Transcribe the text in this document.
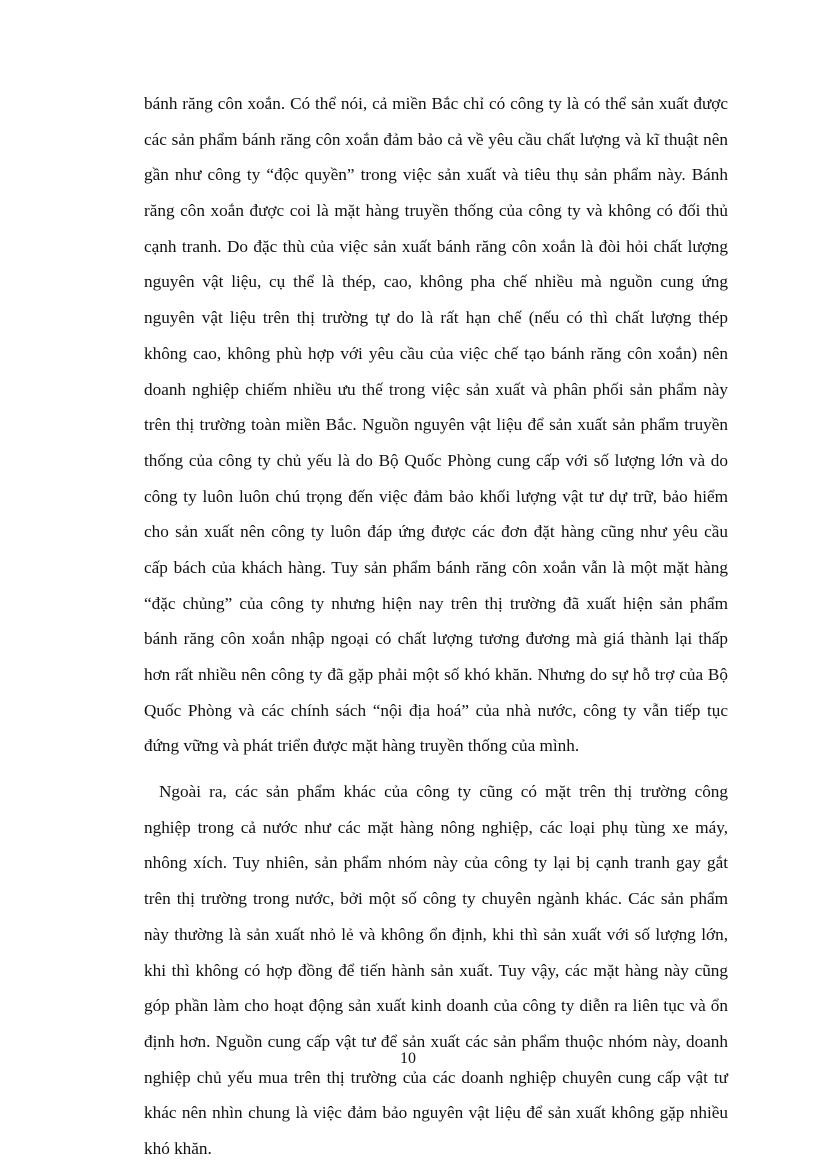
bánh răng côn xoắn. Có thể nói, cả miền Bắc chỉ có công ty là có thể sản xuất được
các sản phẩm bánh răng côn xoắn đảm bảo cả về yêu cầu chất lượng và kĩ thuật nên
gần như công ty “độc quyền” trong việc sản xuất và tiêu thụ sản phẩm này. Bánh
răng côn xoắn được coi là mặt hàng truyền thống của công ty và không có đối thủ
cạnh tranh. Do đặc thù của việc sản xuất bánh răng côn xoắn là đòi hỏi chất lượng
nguyên vật liệu, cụ thể là thép, cao, không pha chế nhiều mà nguồn cung ứng
nguyên vật liệu trên thị trường tự do là rất hạn chế (nếu có thì chất lượng thép
không cao, không phù hợp với yêu cầu của việc chế tạo bánh răng côn xoắn) nên
doanh nghiệp chiếm nhiều ưu thế trong việc sản xuất và phân phối sản phẩm này
trên thị trường toàn miền Bắc. Nguồn nguyên vật liệu để sản xuất sản phẩm truyền
thống của công ty chủ yếu là do Bộ Quốc Phòng cung cấp với số lượng lớn và do
công ty luôn luôn chú trọng đến việc đảm bảo khối lượng vật tư dự trữ, bảo hiểm
cho sản xuất nên công ty luôn đáp ứng được các đơn đặt hàng cũng như yêu cầu
cấp bách của khách hàng. Tuy sản phẩm bánh răng côn xoắn vẫn là một mặt hàng
“đặc chủng” của công ty nhưng hiện nay trên thị trường đã xuất hiện sản phẩm
bánh răng côn xoắn nhập ngoại có chất lượng tương đương mà giá thành lại thấp
hơn rất nhiều nên công ty đã gặp phải một số khó khăn. Nhưng do sự hỗ trợ của Bộ
Quốc Phòng và các chính sách “nội địa hoá” của nhà nước, công ty vẫn tiếp tục
đứng vững và phát triển được mặt hàng truyền thống của mình.
Ngoài ra, các sản phẩm khác của công ty cũng có mặt trên thị trường công
nghiệp trong cả nước như các mặt hàng nông nghiệp, các loại phụ tùng xe máy,
nhông xích. Tuy nhiên, sản phẩm nhóm này của công ty lại bị cạnh tranh gay gắt
trên thị trường trong nước, bởi một số công ty chuyên ngành khác. Các sản phẩm
này thường là sản xuất nhỏ lẻ và không ổn định, khi thì sản xuất với số lượng lớn,
khi thì không có hợp đồng để tiến hành sản xuất. Tuy vậy, các mặt hàng này cũng
góp phần làm cho hoạt động sản xuất kinh doanh của công ty diễn ra liên tục và ổn
định hơn. Nguồn cung cấp vật tư để sản xuất các sản phẩm thuộc nhóm này, doanh
nghiệp chủ yếu mua trên thị trường của các doanh nghiệp chuyên cung cấp vật tư
khác nên nhìn chung là việc đảm bảo nguyên vật liệu để sản xuất không gặp nhiều
khó khăn.
10
